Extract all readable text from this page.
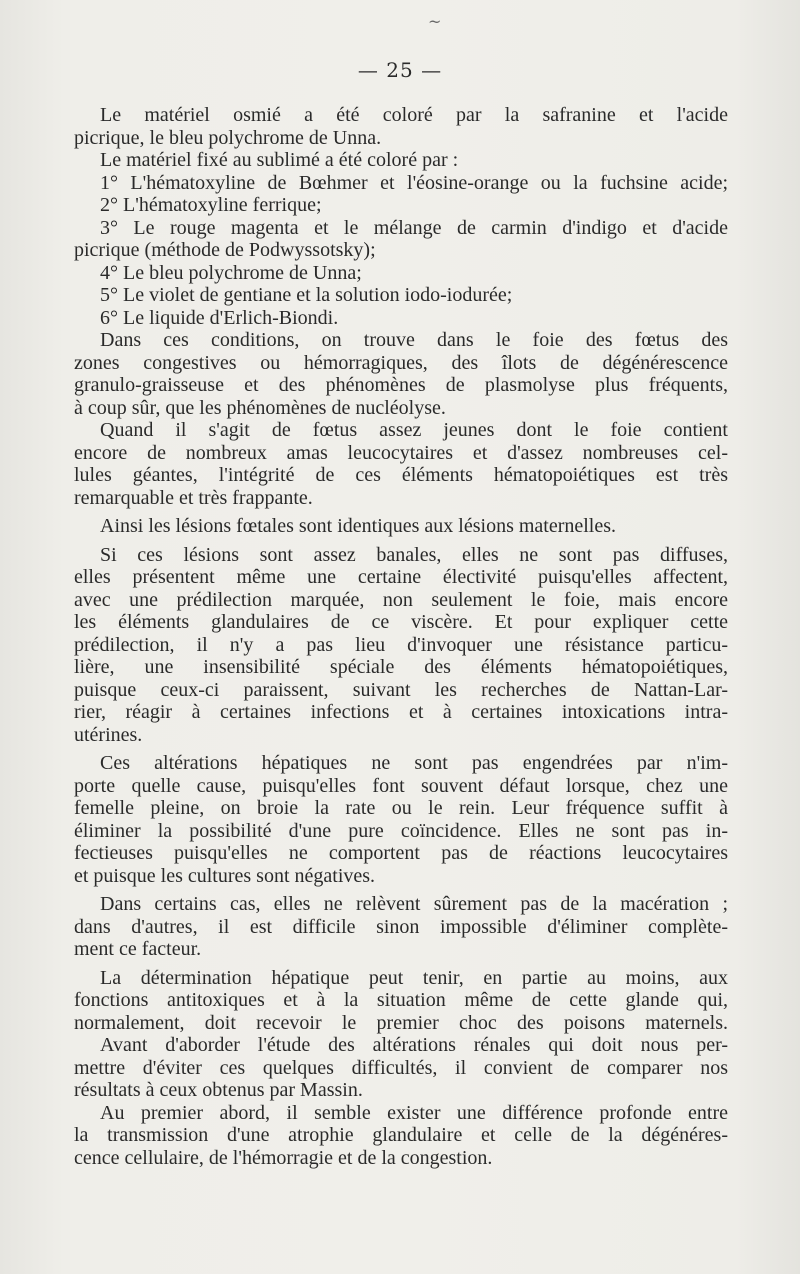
~
— 25 —

Le matériel osmié a été coloré par la safranine et l'acide
picrique, le bleu polychrome de Unna.

Le matériel fixé au sublimé a été coloré par :
1° L'hématoxyline de Bœhmer et l'éosine-orange ou la fuchsine acide;
2° L'hématoxyline ferrique;
3° Le rouge magenta et le mélange de carmin d'indigo et d'acide
picrique (méthode de Podwyssotsky);
4° Le bleu polychrome de Unna;
5° Le violet de gentiane et la solution iodo-iodurée;
6° Le liquide d'Erlich-Biondi.

Dans ces conditions, on trouve dans le foie des fœtus des
zones congestives ou hémorragiques, des îlots de dégénérescence
granulo-graisseuse et des phénomènes de plasmolyse plus fréquents,
à coup sûr, que les phénomènes de nucléolyse.

Quand il s'agit de fœtus assez jeunes dont le foie contient
encore de nombreux amas leucocytaires et d'assez nombreuses cel-
lules géantes, l'intégrité de ces éléments hématopoiétiques est très
remarquable et très frappante.

Ainsi les lésions fœtales sont identiques aux lésions maternelles.

Si ces lésions sont assez banales, elles ne sont pas diffuses,
elles présentent même une certaine électivité puisqu'elles affectent,
avec une prédilection marquée, non seulement le foie, mais encore
les éléments glandulaires de ce viscère. Et pour expliquer cette
prédilection, il n'y a pas lieu d'invoquer une résistance particu-
lière, une insensibilité spéciale des éléments hématopoiétiques,
puisque ceux-ci paraissent, suivant les recherches de Nattan-Lar-
rier, réagir à certaines infections et à certaines intoxications intra-
utérines.

Ces altérations hépatiques ne sont pas engendrées par n'im-
porte quelle cause, puisqu'elles font souvent défaut lorsque, chez une
femelle pleine, on broie la rate ou le rein. Leur fréquence suffit à
éliminer la possibilité d'une pure coïncidence. Elles ne sont pas in-
fectieuses puisqu'elles ne comportent pas de réactions leucocytaires
et puisque les cultures sont négatives.

Dans certains cas, elles ne relèvent sûrement pas de la macération ;
dans d'autres, il est difficile sinon impossible d'éliminer complète-
ment ce facteur.

La détermination hépatique peut tenir, en partie au moins, aux
fonctions antitoxiques et à la situation même de cette glande qui,
normalement, doit recevoir le premier choc des poisons maternels.

Avant d'aborder l'étude des altérations rénales qui doit nous per-
mettre d'éviter ces quelques difficultés, il convient de comparer nos
résultats à ceux obtenus par Massin.

Au premier abord, il semble exister une différence profonde entre
la transmission d'une atrophie glandulaire et celle de la dégénéres-
cence cellulaire, de l'hémorragie et de la congestion.
